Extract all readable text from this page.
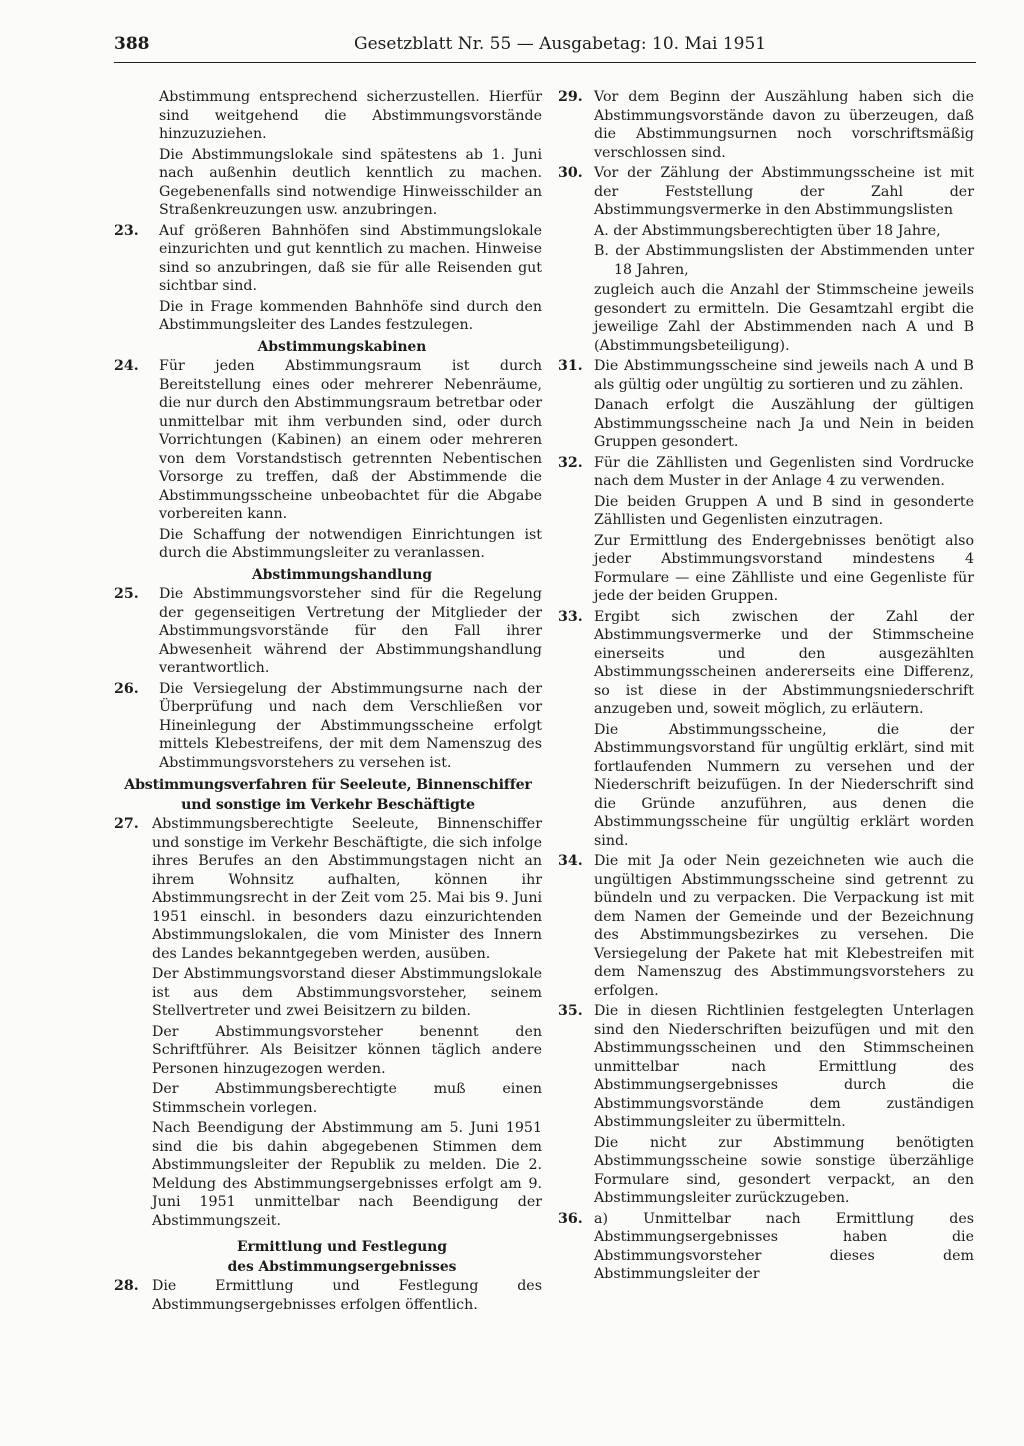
388	Gesetzblatt Nr. 55 — Ausgabetag: 10. Mai 1951
Abstimmung entsprechend sicherzustellen. Hierfür sind weitgehend die Abstimmungsvorstände hinzuzuziehen.
Die Abstimmungslokale sind spätestens ab 1. Juni nach außenhin deutlich kenntlich zu machen. Gegebenenfalls sind notwendige Hinweisschilder an Straßenkreuzungen usw. anzubringen.
23. Auf größeren Bahnhöfen sind Abstimmungslokale einzurichten und gut kenntlich zu machen. Hinweise sind so anzubringen, daß sie für alle Reisenden gut sichtbar sind.
Die in Frage kommenden Bahnhöfe sind durch den Abstimmungsleiter des Landes festzulegen.
Abstimmungskabinen
24. Für jeden Abstimmungsraum ist durch Bereitstellung eines oder mehrerer Nebenräume, die nur durch den Abstimmungsraum betretbar oder unmittelbar mit ihm verbunden sind, oder durch Vorrichtungen (Kabinen) an einem oder mehreren von dem Vorstandstisch getrennten Nebentischen Vorsorge zu treffen, daß der Abstimmende die Abstimmungsscheine unbeobachtet für die Abgabe vorbereiten kann.
Die Schaffung der notwendigen Einrichtungen ist durch die Abstimmungsleiter zu veranlassen.
Abstimmungshandlung
25. Die Abstimmungsvorsteher sind für die Regelung der gegenseitigen Vertretung der Mitglieder der Abstimmungsvorstände für den Fall ihrer Abwesenheit während der Abstimmungshandlung verantwortlich.
26. Die Versiegelung der Abstimmungsurne nach der Überprüfung und nach dem Verschließen vor Hineinlegung der Abstimmungsscheine erfolgt mittels Klebestreifens, der mit dem Namenszug des Abstimmungsvorstehers zu versehen ist.
Abstimmungsverfahren für Seeleute, Binnenschiffer
und sonstige im Verkehr Beschäftigte
27. Abstimmungsberechtigte Seeleute, Binnenschiffer und sonstige im Verkehr Beschäftigte, die sich infolge ihres Berufes an den Abstimmungstagen nicht an ihrem Wohnsitz aufhalten, können ihr Abstimmungsrecht in der Zeit vom 25. Mai bis 9. Juni 1951 einschl. in besonders dazu einzurichtenden Abstimmungslokalen, die vom Minister des Innern des Landes bekanntgegeben werden, ausüben.
Der Abstimmungsvorstand dieser Abstimmungslokale ist aus dem Abstimmungsvorsteher, seinem Stellvertreter und zwei Beisitzern zu bilden.
Der Abstimmungsvorsteher benennt den Schriftführer. Als Beisitzer können täglich andere Personen hinzugezogen werden.
Der Abstimmungsberechtigte muß einen Stimmschein vorlegen.
Nach Beendigung der Abstimmung am 5. Juni 1951 sind die bis dahin abgegebenen Stimmen dem Abstimmungsleiter der Republik zu melden. Die 2. Meldung des Abstimmungsergebnisses erfolgt am 9. Juni 1951 unmittelbar nach Beendigung der Abstimmungszeit.
Ermittlung und Festlegung
des Abstimmungsergebnisses
28. Die Ermittlung und Festlegung des Abstimmungsergebnisses erfolgen öffentlich.
29. Vor dem Beginn der Auszählung haben sich die Abstimmungsvorstände davon zu überzeugen, daß die Abstimmungsurnen noch vorschriftsmäßig verschlossen sind.
30. Vor der Zählung der Abstimmungsscheine ist mit der Feststellung der Zahl der Abstimmungsvermerke in den Abstimmungslisten
A. der Abstimmungsberechtigten über 18 Jahre,
B. der Abstimmungslisten der Abstimmenden unter 18 Jahren,
zugleich auch die Anzahl der Stimmscheine jeweils gesondert zu ermitteln. Die Gesamtzahl ergibt die jeweilige Zahl der Abstimmenden nach A und B (Abstimmungsbeteiligung).
31. Die Abstimmungsscheine sind jeweils nach A und B als gültig oder ungültig zu sortieren und zu zählen.
Danach erfolgt die Auszählung der gültigen Abstimmungsscheine nach Ja und Nein in beiden Gruppen gesondert.
32. Für die Zähllisten und Gegenlisten sind Vordrucke nach dem Muster in der Anlage 4 zu verwenden.
Die beiden Gruppen A und B sind in gesonderte Zähllisten und Gegenlisten einzutragen.
Zur Ermittlung des Endergebnisses benötigt also jeder Abstimmungsvorstand mindestens 4 Formulare — eine Zählliste und eine Gegenliste für jede der beiden Gruppen.
33. Ergibt sich zwischen der Zahl der Abstimmungsvermerke und der Stimmscheine einerseits und den ausgezählten Abstimmungsscheinen andererseits eine Differenz, so ist diese in der Abstimmungsniederschrift anzugeben und, soweit möglich, zu erläutern.
Die Abstimmungsscheine, die der Abstimmungsvorstand für ungültig erklärt, sind mit fortlaufenden Nummern zu versehen und der Niederschrift beizufügen. In der Niederschrift sind die Gründe anzuführen, aus denen die Abstimmungsscheine für ungültig erklärt worden sind.
34. Die mit Ja oder Nein gezeichneten wie auch die ungültigen Abstimmungsscheine sind getrennt zu bündeln und zu verpacken. Die Verpackung ist mit dem Namen der Gemeinde und der Bezeichnung des Abstimmungsbezirkes zu versehen. Die Versiegelung der Pakete hat mit Klebestreifen mit dem Namenszug des Abstimmungsvorstehers zu erfolgen.
35. Die in diesen Richtlinien festgelegten Unterlagen sind den Niederschriften beizufügen und mit den Abstimmungsscheinen und den Stimmscheinen unmittelbar nach Ermittlung des Abstimmungsergebnisses durch die Abstimmungsvorstände dem zuständigen Abstimmungsleiter zu übermitteln.
Die nicht zur Abstimmung benötigten Abstimmungsscheine sowie sonstige überzählige Formulare sind, gesondert verpackt, an den Abstimmungsleiter zurückzugeben.
36. a) Unmittelbar nach Ermittlung des Abstimmungsergebnisses haben die Abstimmungsvorsteher dieses dem Abstimmungsleiter der
